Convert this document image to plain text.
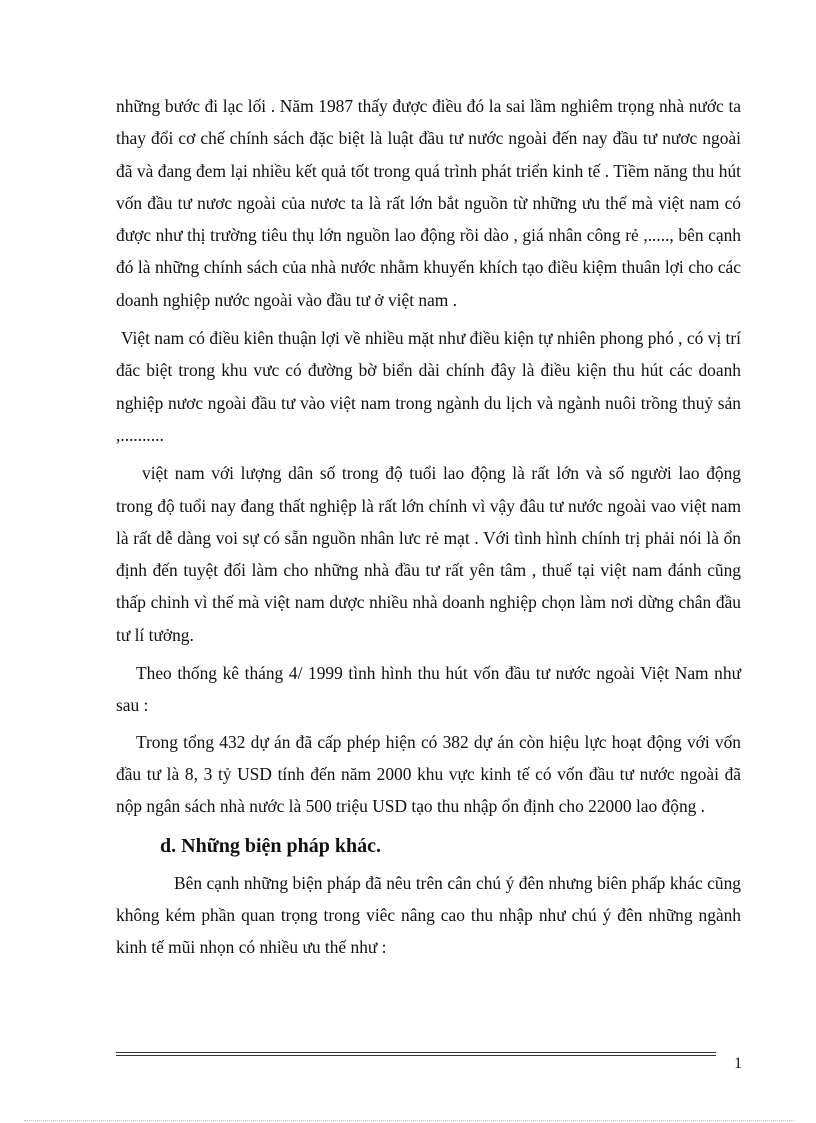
những bước đi lạc lối . Năm 1987 thấy được điều đó la sai lầm nghiêm trọng nhà nước ta thay đổi cơ chế chính sách đặc biệt là luật đầu tư nước ngoài đến nay đầu tư nươc ngoài đã và đang đem lại nhiều kết quả tốt trong quá trình phát triển kinh tế . Tiềm năng thu hút vốn đầu tư nươc ngoài của nươc ta là rất lớn bắt nguồn từ những ưu thế mà việt nam có được như thị trường tiêu thụ lớn nguồn lao động rồi dào , giá nhân công rẻ ,....., bên cạnh đó là những chính sách của nhà nước nhằm khuyến khích tạo điều kiệm thuân lợi cho các doanh nghiệp nước ngoài vào đầu tư ở việt nam .

Việt nam có điều kiên thuận lợi về nhiều mặt như điều kiện tự nhiên phong phó , có vị trí đăc biệt trong khu vưc có đường bờ biển dài chính đây là điều kiện thu hút các doanh nghiệp nươc ngoài đầu tư vào việt nam trong ngành du lịch và ngành nuôi trồng thuỷ sản ,..........

việt nam với lượng dân số trong độ tuổi lao động là rất lớn và số người lao động trong độ tuổi nay đang thất nghiệp là rất lớn chính vì vậy đâu tư nước ngoài vao việt nam là rất dễ dàng voi sự có sẵn nguồn nhân lưc rẻ mạt . Với tình hình chính trị phải nói là ổn định đến tuyệt đối làm cho những nhà đầu tư rất yên tâm , thuế tại việt nam đánh cũng thấp chinh vì thế mà việt nam dược nhiều nhà doanh nghiệp chọn làm nơi dừng chân đầu tư lí tưởng.

Theo thống kê tháng 4/ 1999 tình hình thu hút vốn đầu tư nước ngoài Việt Nam như sau :

Trong tổng 432 dự án đã cấp phép hiện có 382 dự án còn hiệu lực hoạt động với vốn đầu tư là 8, 3 tỷ USD tính đến năm 2000 khu vực kinh tế có vốn đầu tư nước ngoài đã nộp ngân sách nhà nước là 500 triệu USD tạo thu nhập ổn định cho 22000 lao động .

d. Những biện pháp khác.

Bên cạnh những biện pháp đã nêu trên cân chú ý đên nhưng biên phấp khác cũng không kém phần quan trọng trong viêc nâng cao thu nhập như chú ý đên những ngành kinh tế mũi nhọn có nhiều ưu thế như :

1
